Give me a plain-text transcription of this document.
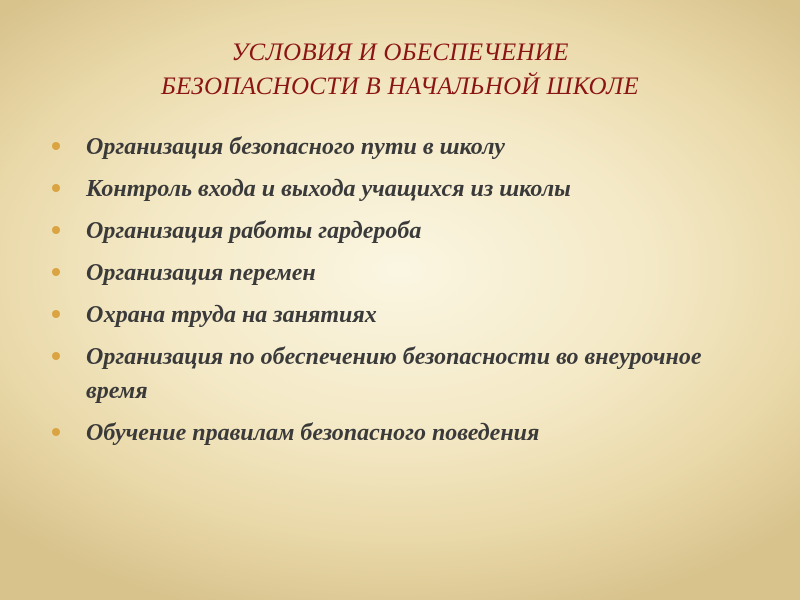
УСЛОВИЯ И ОБЕСПЕЧЕНИЕ
БЕЗОПАСНОСТИ В НАЧАЛЬНОЙ ШКОЛЕ
Организация безопасного пути в школу
Контроль входа и выхода учащихся из школы
Организация работы гардероба
Организация перемен
Охрана труда на занятиях
Организация по обеспечению безопасности во внеурочное время
Обучение правилам безопасного поведения
